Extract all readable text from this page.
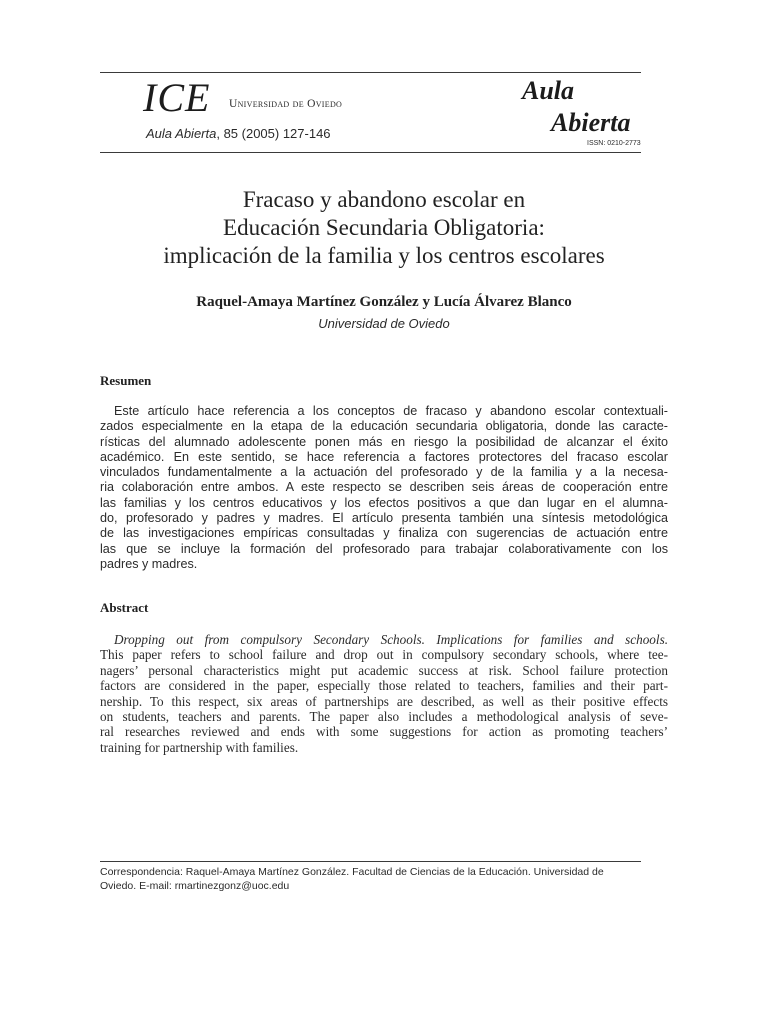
ICE Universidad de Oviedo
Aula Abierta, 85 (2005) 127-146
Aula
Abierta
ISSN: 0210-2773
Fracaso y abandono escolar en
Educación Secundaria Obligatoria:
implicación de la familia y los centros escolares
Raquel-Amaya Martínez González y Lucía Álvarez Blanco
Universidad de Oviedo
Resumen
Este artículo hace referencia a los conceptos de fracaso y abandono escolar contextuali-
zados especialmente en la etapa de la educación secundaria obligatoria, donde las caracte-
rísticas del alumnado adolescente ponen más en riesgo la posibilidad de alcanzar el éxito
académico. En este sentido, se hace referencia a factores protectores del fracaso escolar
vinculados fundamentalmente a la actuación del profesorado y de la familia y a la necesa-
ria colaboración entre ambos. A este respecto se describen seis áreas de cooperación entre
las familias y los centros educativos y los efectos positivos a que dan lugar en el alumna-
do, profesorado y padres y madres. El artículo presenta también una síntesis metodológica
de las investigaciones empíricas consultadas y finaliza con sugerencias de actuación entre
las que se incluye la formación del profesorado para trabajar colaborativamente con los
padres y madres.
Abstract
Dropping out from compulsory Secondary Schools. Implications for families and schools.
This paper refers to school failure and drop out in compulsory secondary schools, where tee-
nagers’ personal characteristics might put academic success at risk. School failure protection
factors are considered in the paper, especially those related to teachers, families and their part-
nership. To this respect, six areas of partnerships are described, as well as their positive effects
on students, teachers and parents. The paper also includes a methodological analysis of seve-
ral researches reviewed and ends with some suggestions for action as promoting teachers’
training for partnership with families.
Correspondencia: Raquel-Amaya Martínez González. Facultad de Ciencias de la Educación. Universidad de
Oviedo. E-mail: rmartinezgonz@uoc.edu
